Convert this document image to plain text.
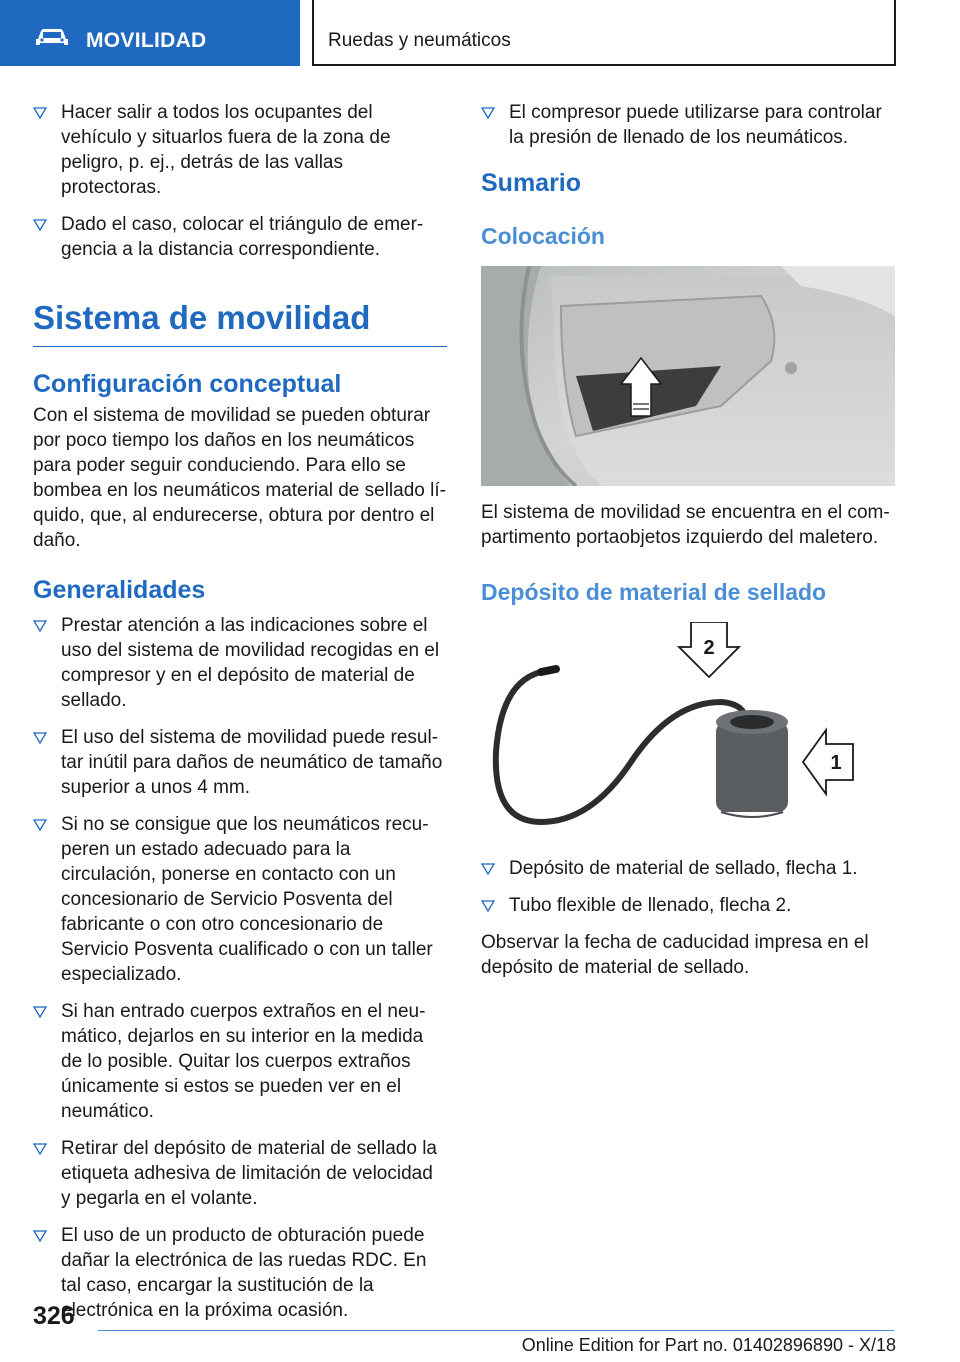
MOVILIDAD	Ruedas y neumáticos
Hacer salir a todos los ocupantes del vehículo y situarlos fuera de la zona de peligro, p. ej., detrás de las vallas protectoras.
Dado el caso, colocar el triángulo de emergencia a la distancia correspondiente.
Sistema de movilidad
Configuración conceptual

Con el sistema de movilidad se pueden obturar por poco tiempo los daños en los neumáticos para poder seguir conduciendo. Para ello se bombea en los neumáticos material de sellado líquido, que, al endurecerse, obtura por dentro el daño.

Generalidades
Prestar atención a las indicaciones sobre el uso del sistema de movilidad recogidas en el compresor y en el depósito de material de sellado.
El uso del sistema de movilidad puede resultar inútil para daños de neumático de tamaño superior a unos 4 mm.
Si no se consigue que los neumáticos recuperen un estado adecuado para la circulación, ponerse en contacto con un concesionario de Servicio Posventa del fabricante o con otro concesionario de Servicio Posventa cualificado o con un taller especializado.
Si han entrado cuerpos extraños en el neumático, dejarlos en su interior en la medida de lo posible. Quitar los cuerpos extraños únicamente si estos se pueden ver en el neumático.
Retirar del depósito de material de sellado la etiqueta adhesiva de limitación de velocidad y pegarla en el volante.
El uso de un producto de obturación puede dañar la electrónica de las ruedas RDC. En tal caso, encargar la sustitución de la electrónica en la próxima ocasión.
El compresor puede utilizarse para controlar la presión de llenado de los neumáticos.
Sumario
Colocación

El sistema de movilidad se encuentra en el compartimento portaobjetos izquierdo del maletero.

Depósito de material de sellado
2
1
Depósito de material de sellado, flecha 1.
Tubo flexible de llenado, flecha 2.

Observar la fecha de caducidad impresa en el depósito de material de sellado.

326
Online Edition for Part no. 01402896890 - X/18
